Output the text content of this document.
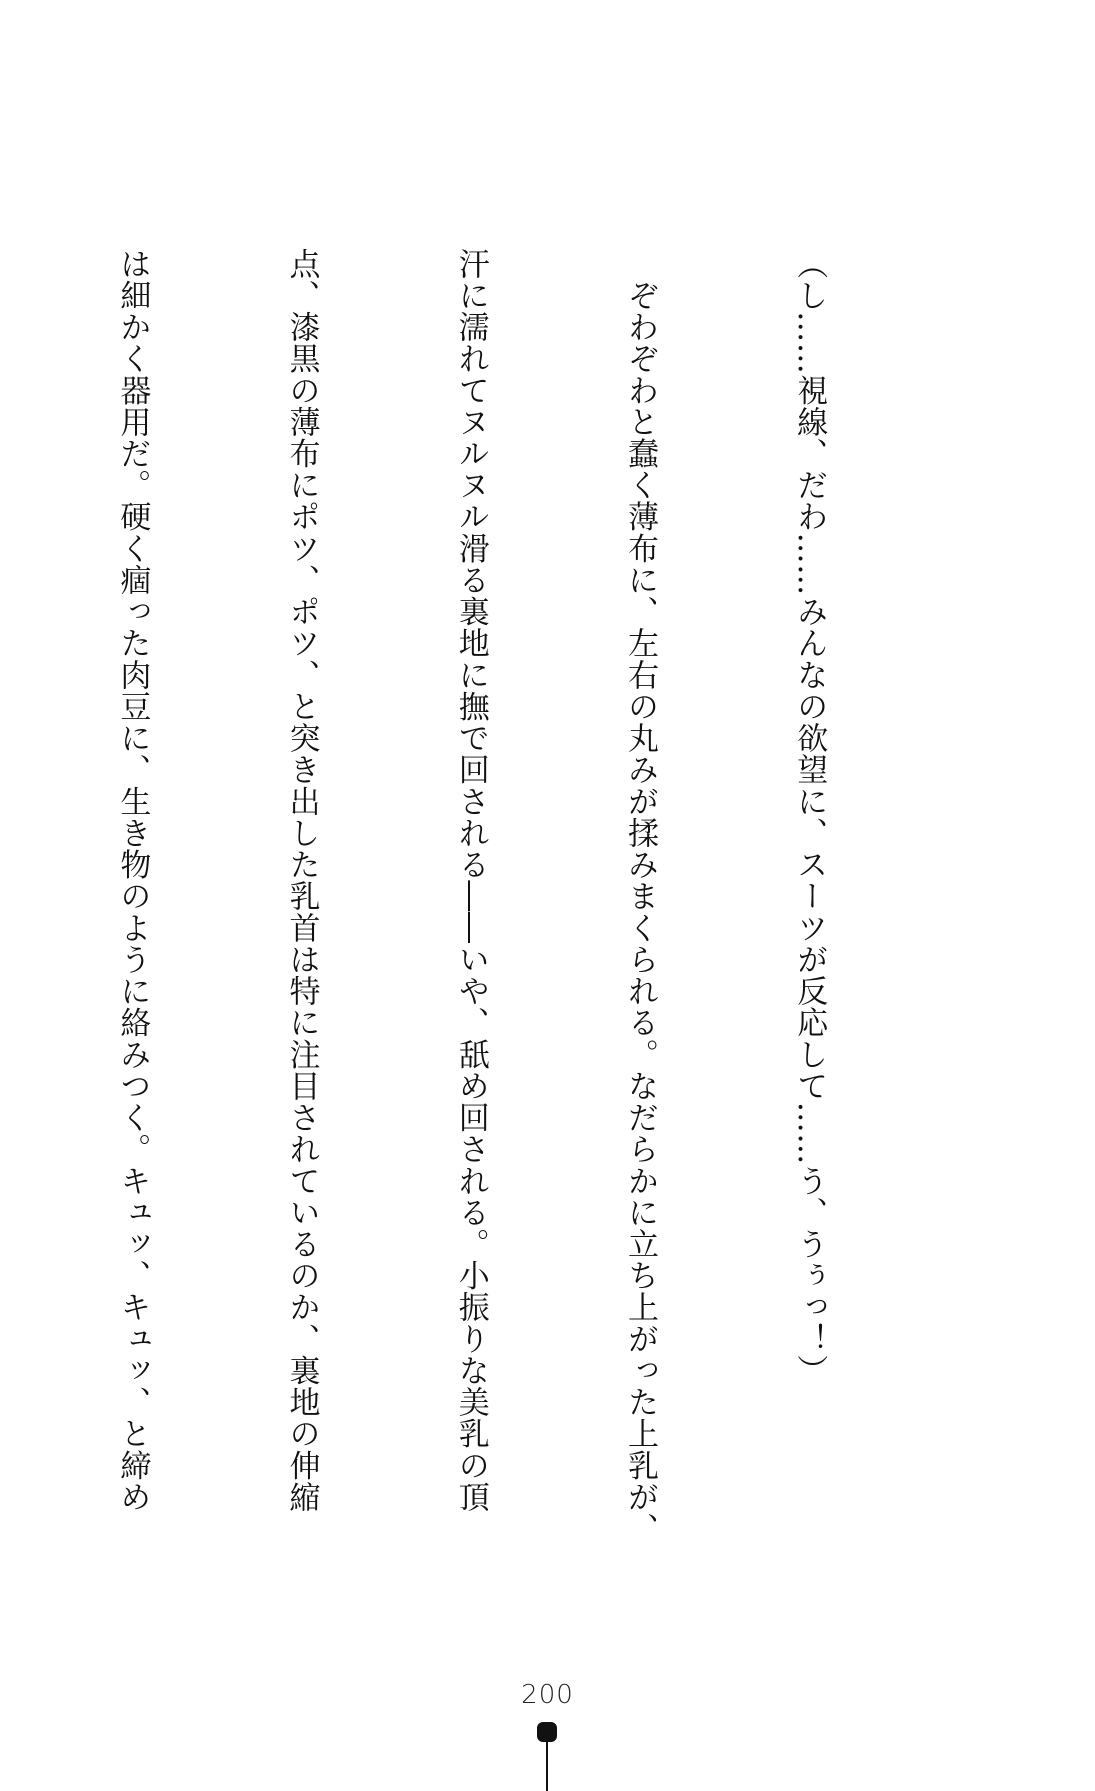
（し……視線、だわ……みんなの欲望に、スーツが反応して……う、うぅっ！）

　ぞわぞわと蠢く薄布に、左右の丸みが揉みまくられる。なだらかに立ち上がった上乳が、

汗に濡れてヌルヌル滑る裏地に撫で回される――いや、舐め回される。小振りな美乳の頂

点、漆黒の薄布にポツ、ポツ、と突き出した乳首は特に注目されているのか、裏地の伸縮

は細かく器用だ。硬く痼った肉豆に、生き物のように絡みつく。キュッ、キュッ、と締め

200
